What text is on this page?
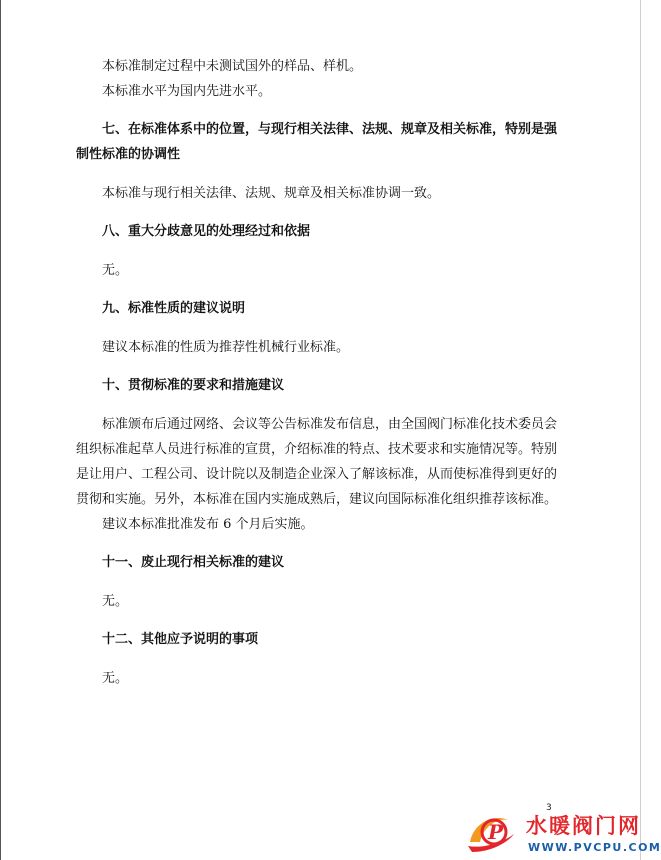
本标准制定过程中未测试国外的样品、样机。
本标准水平为国内先进水平。
七、在标准体系中的位置，与现行相关法律、法规、规章及相关标准，特别是强
制性标准的协调性
本标准与现行相关法律、法规、规章及相关标准协调一致。
八、重大分歧意见的处理经过和依据
无。
九、标准性质的建议说明
建议本标准的性质为推荐性机械行业标准。
十、贯彻标准的要求和措施建议
标准颁布后通过网络、会议等公告标准发布信息，由全国阀门标准化技术委员会
组织标准起草人员进行标准的宣贯，介绍标准的特点、技术要求和实施情况等。特别
是让用户、工程公司、设计院以及制造企业深入了解该标准，从而使标准得到更好的
贯彻和实施。另外，本标准在国内实施成熟后，建议向国际标准化组织推荐该标准。
建议本标准批准发布 6 个月后实施。
十一、废止现行相关标准的建议
无。
十二、其他应予说明的事项
无。
3
P 水暖阀门网
WWW.PVCPU.COM
